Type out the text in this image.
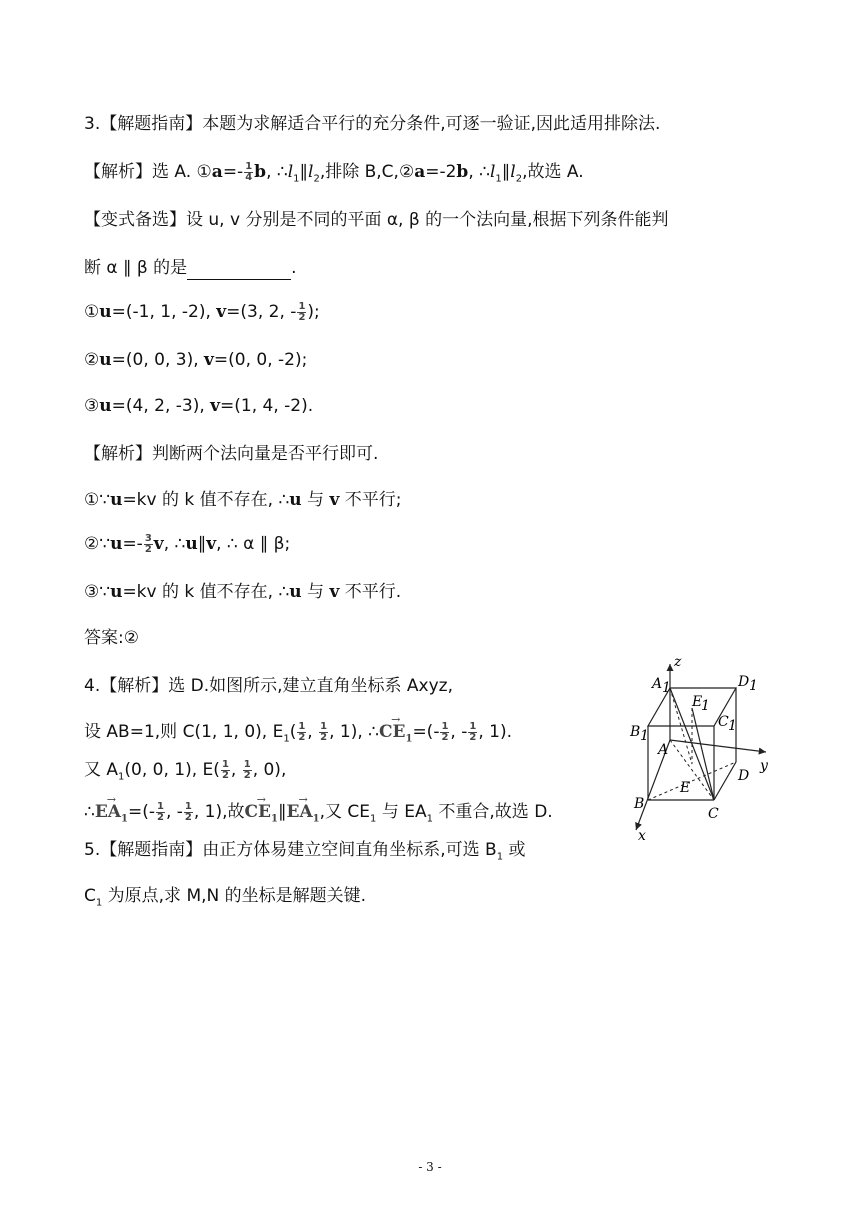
3.【解题指南】本题为求解适合平行的充分条件,可逐一验证,因此适用排除法.
【解析】选 A. ①a=- $\frac{1}{4} b$, $\therefore l_1\parallel l_2$,排除 B,C,②a=-2b, $\therefore l_1\parallel l_2$,故选 A.
【变式备选】设 u, v 分别是不同的平面 α, β 的一个法向量,根据下列条件能判
断 α ∥ β 的是	.
①u=(-1, 1, -2), v=(3, 2, - $\frac{1}{2}$ );
②u=(0, 0, 3), v=(0, 0, -2);
③u=(4, 2, -3), v=(1, 4, -2).
【解析】判断两个法向量是否平行即可.
①∵u=kv 的 k 值不存在, ∴u 与 v 不平行;
②∵u=- $\frac{3}{2} v$, ∴u∥v, ∴ α ∥ β;
③∵u=kv 的 k 值不存在, ∴u 与 v 不平行.
答案:②
4.【解析】选 D.如图所示,建立直角坐标系 Axyz,
设 AB=1,则 C(1, 1, 0), $E_1( \frac{1}{2}$ , $\frac{1}{2}$ , 1), ∴→ $CE_1=(- \frac{1}{2}$ , - $\frac{1}{2}$ , 1).
又 $A_1(0$, 0, 1), $E( \frac{1}{2}$ , $\frac{1}{2}$ , 0),
∴→ $EA_1=(- \frac{1}{2}$ , - $\frac{1}{2}$ , 1),故→ $CE_1\parallel\to EA_1$,又 $CE_1$ 与 $EA_1$ 不重合,故选 D.
5.【解题指南】由正方体易建立空间直角坐标系,可选 $B_1$ 或
$C_1$ 为原点,求 M,N 的坐标是解题关键.
z
y
x
A 1	D 1
E
1
B 1
C 1
A
D
E
B
C
- 3 -
